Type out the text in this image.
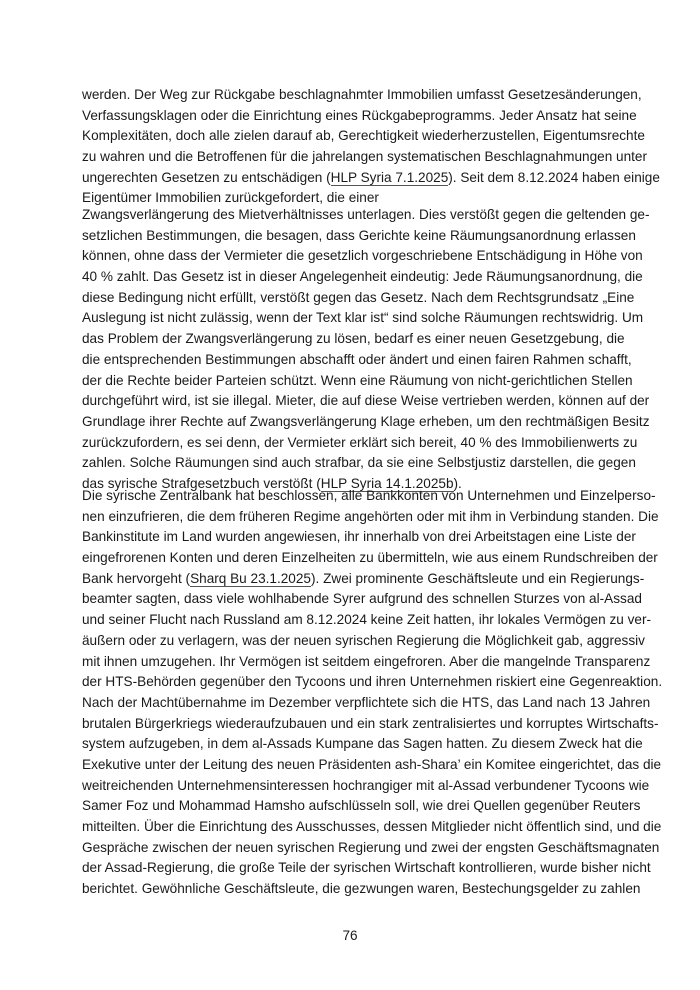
werden. Der Weg zur Rückgabe beschlagnahmter Immobilien umfasst Gesetzesänderungen,
Verfassungsklagen oder die Einrichtung eines Rückgabeprogramms. Jeder Ansatz hat seine
Komplexitäten, doch alle zielen darauf ab, Gerechtigkeit wiederherzustellen, Eigentumsrechte
zu wahren und die Betroffenen für die jahrelangen systematischen Beschlagnahmungen unter
ungerechten Gesetzen zu entschädigen (HLP Syria 7.1.2025). Seit dem 8.12.2024 haben einige
Eigentümer Immobilien zurückgefordert, die einer
Zwangsverlängerung des Mietverhältnisses unterlagen. Dies verstößt gegen die geltenden ge-
setzlichen Bestimmungen, die besagen, dass Gerichte keine Räumungsanordnung erlassen
können, ohne dass der Vermieter die gesetzlich vorgeschriebene Entschädigung in Höhe von
40 % zahlt. Das Gesetz ist in dieser Angelegenheit eindeutig: Jede Räumungsanordnung, die
diese Bedingung nicht erfüllt, verstößt gegen das Gesetz. Nach dem Rechtsgrundsatz „Eine
Auslegung ist nicht zulässig, wenn der Text klar ist“ sind solche Räumungen rechtswidrig. Um
das Problem der Zwangsverlängerung zu lösen, bedarf es einer neuen Gesetzgebung, die
die entsprechenden Bestimmungen abschafft oder ändert und einen fairen Rahmen schafft,
der die Rechte beider Parteien schützt. Wenn eine Räumung von nicht-gerichtlichen Stellen
durchgeführt wird, ist sie illegal. Mieter, die auf diese Weise vertrieben werden, können auf der
Grundlage ihrer Rechte auf Zwangsverlängerung Klage erheben, um den rechtmäßigen Besitz
zurückzufordern, es sei denn, der Vermieter erklärt sich bereit, 40 % des Immobilienwerts zu
zahlen. Solche Räumungen sind auch strafbar, da sie eine Selbstjustiz darstellen, die gegen
das syrische Strafgesetzbuch verstößt (HLP Syria 14.1.2025b).
Die syrische Zentralbank hat beschlossen, alle Bankkonten von Unternehmen und Einzelperso-
nen einzufrieren, die dem früheren Regime angehörten oder mit ihm in Verbindung standen. Die
Bankinstitute im Land wurden angewiesen, ihr innerhalb von drei Arbeitstagen eine Liste der
eingefrorenen Konten und deren Einzelheiten zu übermitteln, wie aus einem Rundschreiben der
Bank hervorgeht (Sharq Bu 23.1.2025). Zwei prominente Geschäftsleute und ein Regierungs-
beamter sagten, dass viele wohlhabende Syrer aufgrund des schnellen Sturzes von al-Assad
und seiner Flucht nach Russland am 8.12.2024 keine Zeit hatten, ihr lokales Vermögen zu ver-
äußern oder zu verlagern, was der neuen syrischen Regierung die Möglichkeit gab, aggressiv
mit ihnen umzugehen. Ihr Vermögen ist seitdem eingefroren. Aber die mangelnde Transparenz
der HTS-Behörden gegenüber den Tycoons und ihren Unternehmen riskiert eine Gegenreaktion.
Nach der Machtübernahme im Dezember verpflichtete sich die HTS, das Land nach 13 Jahren
brutalen Bürgerkriegs wiederaufzubauen und ein stark zentralisiertes und korruptes Wirtschafts-
system aufzugeben, in dem al-Assads Kumpane das Sagen hatten. Zu diesem Zweck hat die
Exekutive unter der Leitung des neuen Präsidenten ash-Shara’ ein Komitee eingerichtet, das die
weitreichenden Unternehmensinteressen hochrangiger mit al-Assad verbundener Tycoons wie
Samer Foz und Mohammad Hamsho aufschlüsseln soll, wie drei Quellen gegenüber Reuters
mitteilten. Über die Einrichtung des Ausschusses, dessen Mitglieder nicht öffentlich sind, und die
Gespräche zwischen der neuen syrischen Regierung und zwei der engsten Geschäftsmagnaten
der Assad-Regierung, die große Teile der syrischen Wirtschaft kontrollieren, wurde bisher nicht
berichtet. Gewöhnliche Geschäftsleute, die gezwungen waren, Bestechungsgelder zu zahlen
76
